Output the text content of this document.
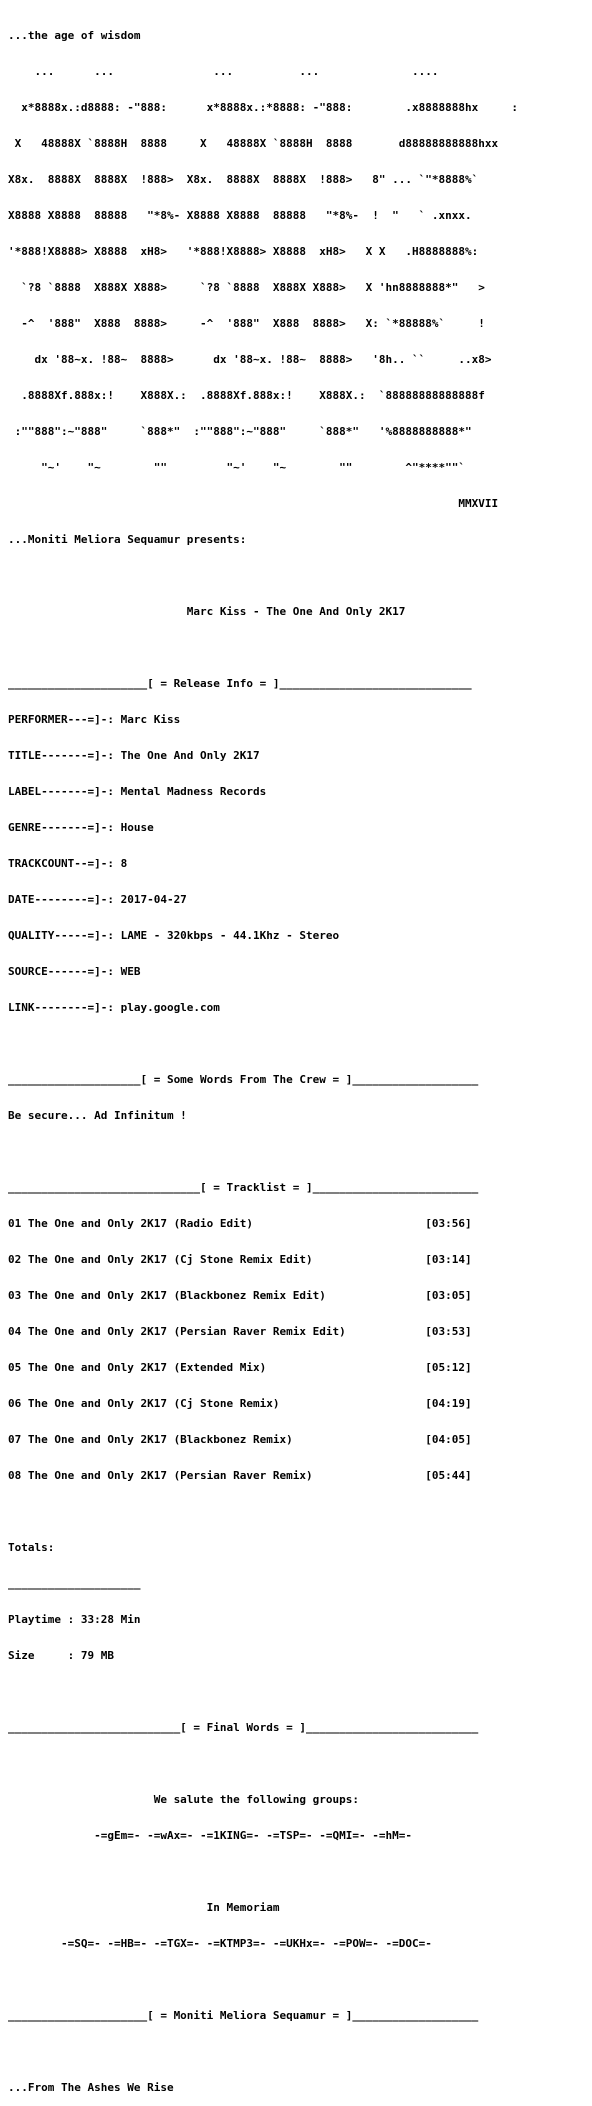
...the age of wisdom

...      ...               ...          ...              ....

x*8888x.:d8888: -"888:      x*8888x.:*8888: -"888:        .x8888888hx     :

X   48888X `8888H  8888     X   48888X `8888H  8888       d88888888888hxx

X8x.  8888X  8888X  !888>  X8x.  8888X  8888X  !888>   8" ... `"*8888%`

X8888 X8888  88888   "*8%- X8888 X8888  88888   "*8%-  !  "   ` .xnxx.

'*888!X8888> X8888  xH8>   '*888!X8888> X8888  xH8>   X X   .H8888888%:

`?8 `8888  X888X X888>     `?8 `8888  X888X X888>   X 'hn8888888*"   >

-^  '888"  X888  8888>     -^  '888"  X888  8888>   X: `*88888%`     !

dx '88~x. !88~  8888>      dx '88~x. !88~  8888>   '8h.. ``     ..x8>

.8888Xf.888x:!    X888X.:  .8888Xf.888x:!    X888X.:  `88888888888888f

:""888":~"888"     `888*"  :""888":~"888"     `888*"   '%8888888888*"

"~'    "~        ""         "~'    "~        ""        ^"****""`

MMXVII

...Moniti Meliora Sequamur presents:

Marc Kiss - The One And Only 2K17

_____________________[ = Release Info = ]_____________________________

PERFORMER---=]-: Marc Kiss

TITLE-------=]-: The One And Only 2K17

LABEL-------=]-: Mental Madness Records

GENRE-------=]-: House

TRACKCOUNT--=]-: 8

DATE--------=]-: 2017-04-27

QUALITY-----=]-: LAME - 320kbps - 44.1Khz - Stereo

SOURCE------=]-: WEB

LINK--------=]-: play.google.com

____________________[ = Some Words From The Crew = ]___________________

Be secure... Ad Infinitum !

_____________________________[ = Tracklist = ]_________________________

01 The One and Only 2K17 (Radio Edit)                          [03:56]

02 The One and Only 2K17 (Cj Stone Remix Edit)                 [03:14]

03 The One and Only 2K17 (Blackbonez Remix Edit)               [03:05]

04 The One and Only 2K17 (Persian Raver Remix Edit)            [03:53]

05 The One and Only 2K17 (Extended Mix)                        [05:12]

06 The One and Only 2K17 (Cj Stone Remix)                      [04:19]

07 The One and Only 2K17 (Blackbonez Remix)                    [04:05]

08 The One and Only 2K17 (Persian Raver Remix)                 [05:44]

Totals:

____________________

Playtime : 33:28 Min

Size     : 79 MB

__________________________[ = Final Words = ]__________________________

We salute the following groups:

-=gEm=- -=wAx=- -=1KING=- -=TSP=- -=QMI=- -=hM=-

In Memoriam

-=SQ=- -=HB=- -=TGX=- -=KTMP3=- -=UKHx=- -=POW=- -=DOC=-

_____________________[ = Moniti Meliora Sequamur = ]___________________

...From The Ashes We Rise
